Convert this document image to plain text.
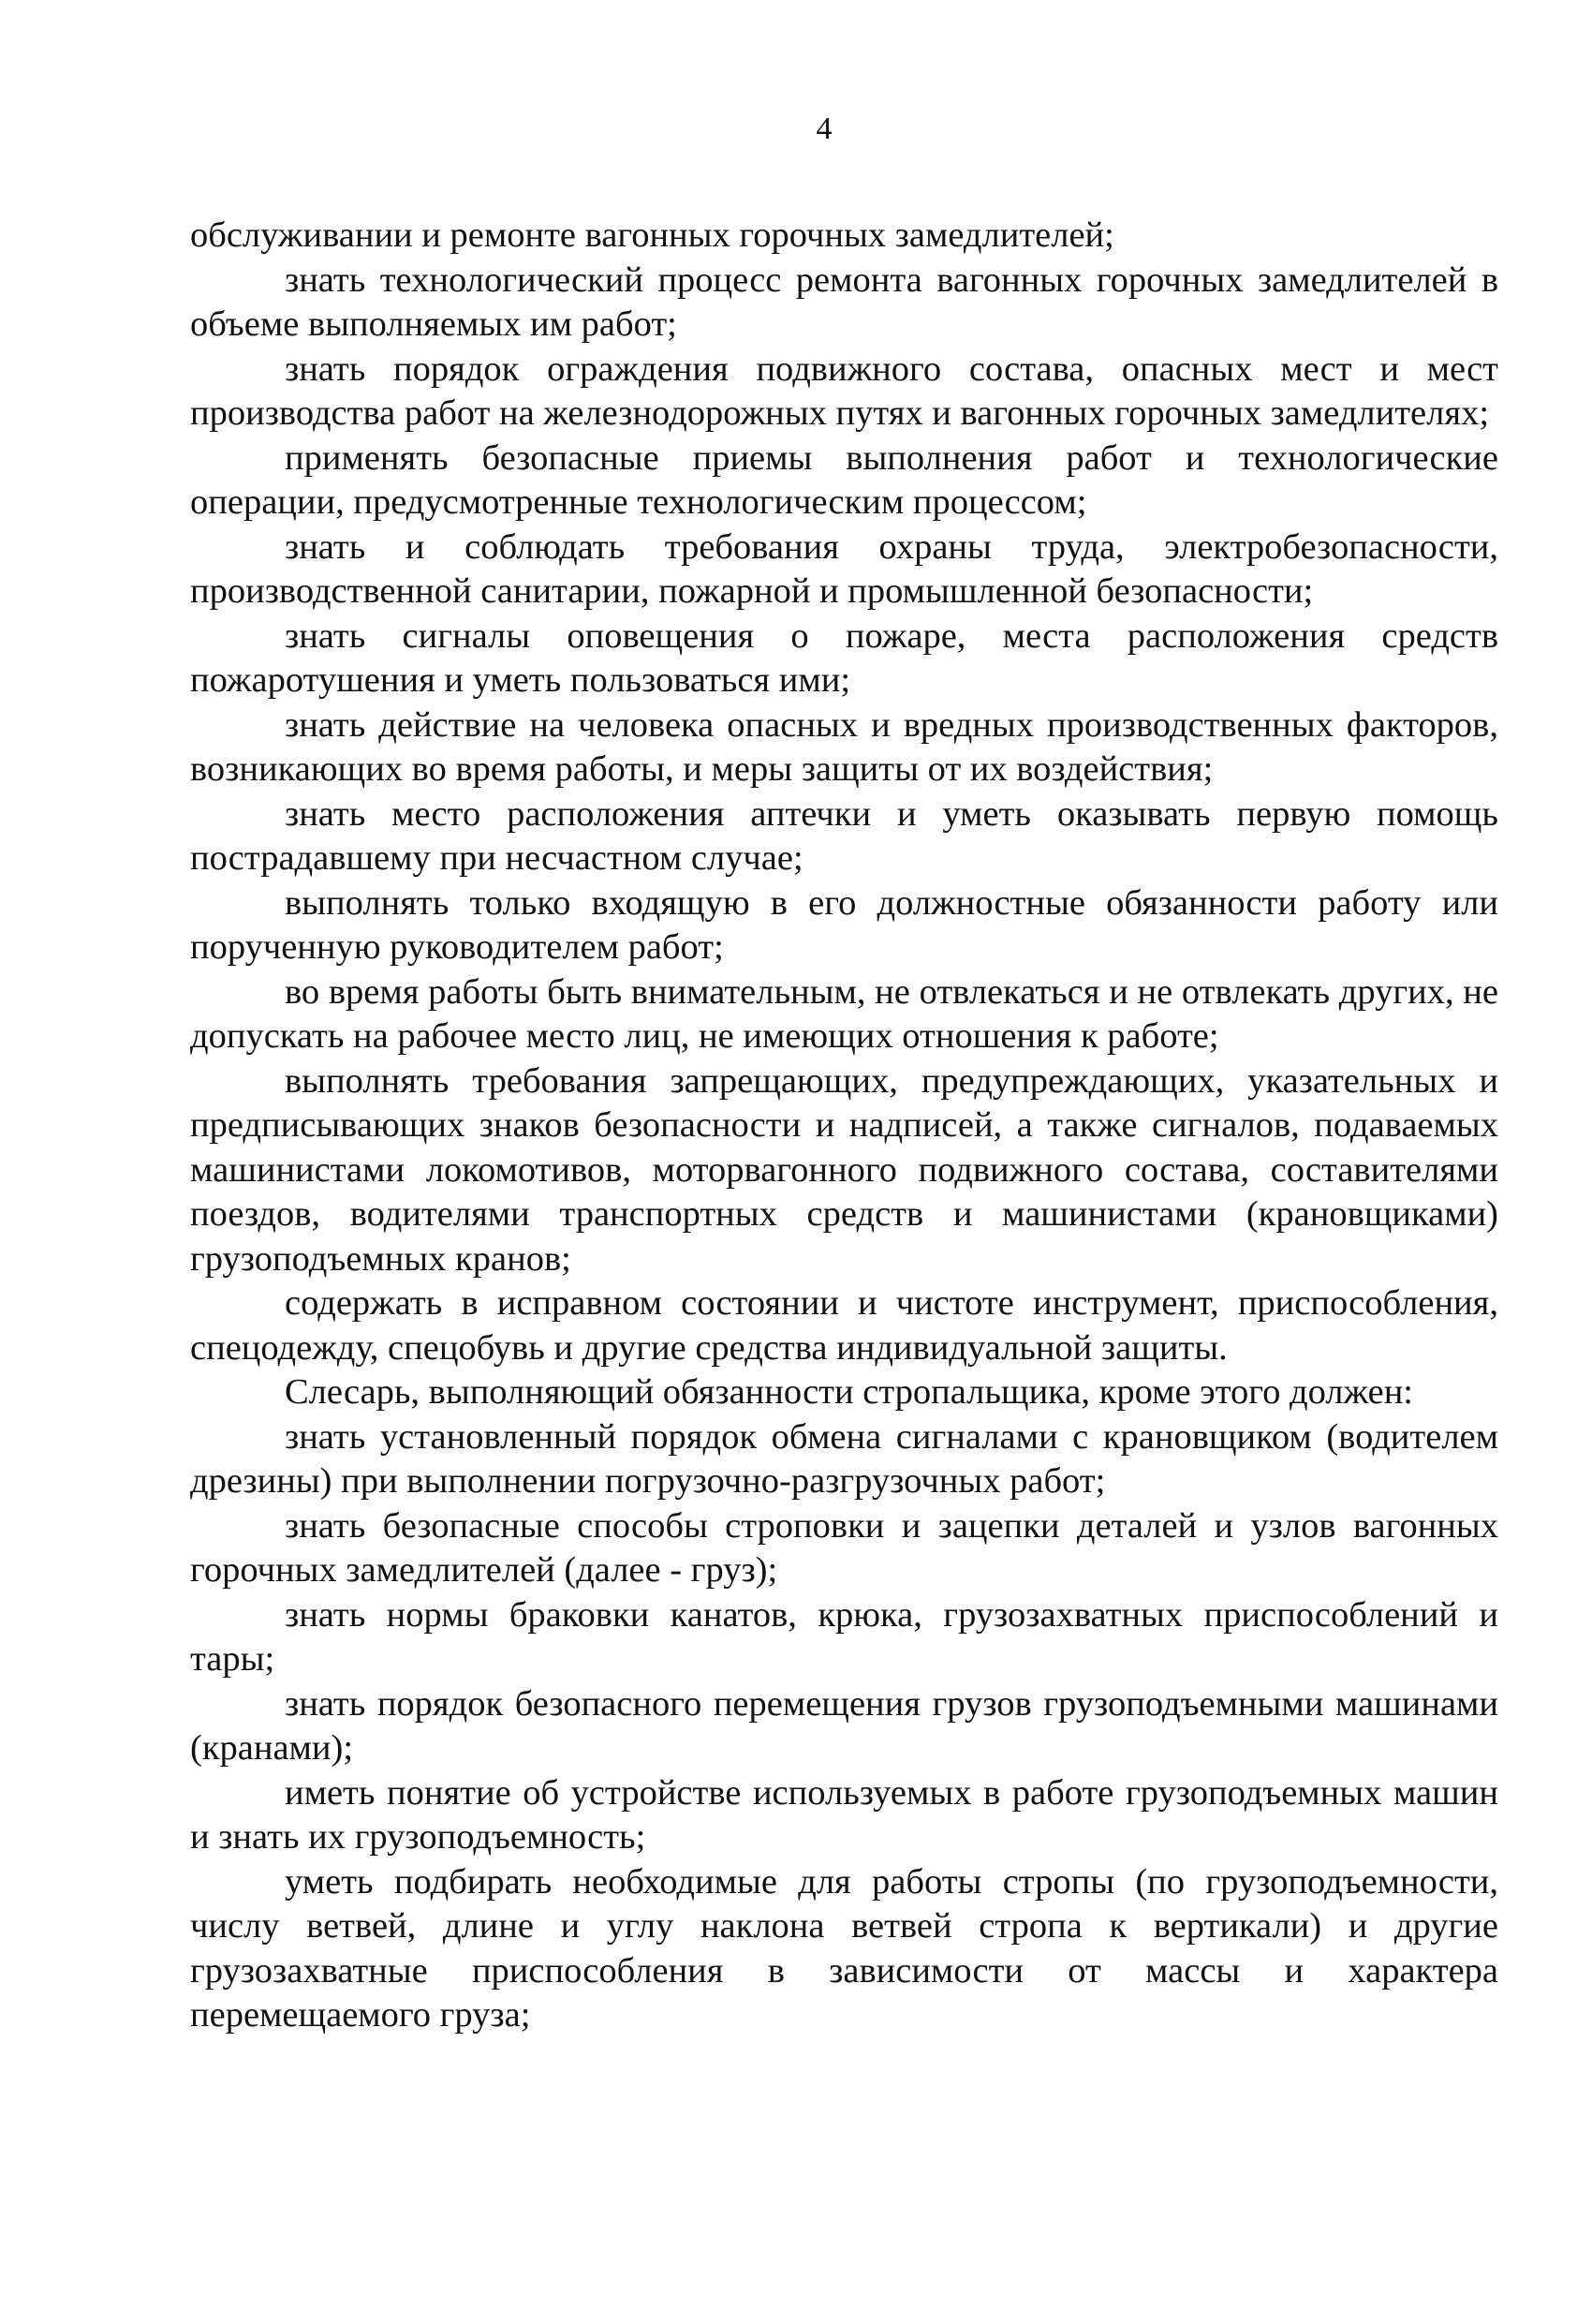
4

обслуживании и ремонте вагонных горочных замедлителей;

знать технологический процесс ремонта вагонных горочных замедлителей в объеме выполняемых им работ;

знать порядок ограждения подвижного состава, опасных мест и мест производства работ на железнодорожных путях и вагонных горочных замедлителях;

применять безопасные приемы выполнения работ и технологические операции, предусмотренные технологическим процессом;

знать и соблюдать требования охраны труда, электробезопасности, производственной санитарии, пожарной и промышленной безопасности;

знать сигналы оповещения о пожаре, места расположения средств пожаротушения и уметь пользоваться ими;

знать действие на человека опасных и вредных производственных факторов, возникающих во время работы, и меры защиты от их воздействия;

знать место расположения аптечки и уметь оказывать первую помощь пострадавшему при несчастном случае;

выполнять только входящую в его должностные обязанности работу или порученную руководителем работ;

во время работы быть внимательным, не отвлекаться и не отвлекать других, не допускать на рабочее место лиц, не имеющих отношения к работе;

выполнять требования запрещающих, предупреждающих, указательных и предписывающих знаков безопасности и надписей, а также сигналов, подаваемых машинистами локомотивов, моторвагонного подвижного состава, составителями поездов, водителями транспортных средств и машинистами (крановщиками) грузоподъемных кранов;

содержать в исправном состоянии и чистоте инструмент, приспособления, спецодежду, спецобувь и другие средства индивидуальной защиты.

Слесарь, выполняющий обязанности стропальщика, кроме этого должен:

знать установленный порядок обмена сигналами с крановщиком (водителем дрезины) при выполнении погрузочно-разгрузочных работ;

знать безопасные способы строповки и зацепки деталей и узлов вагонных горочных замедлителей (далее - груз);

знать нормы браковки канатов, крюка, грузозахватных приспособлений и тары;

знать порядок безопасного перемещения грузов грузоподъемными машинами (кранами);

иметь понятие об устройстве используемых в работе грузоподъемных машин и знать их грузоподъемность;

уметь подбирать необходимые для работы стропы (по грузоподъемности, числу ветвей, длине и углу наклона ветвей стропа к вертикали) и другие грузозахватные приспособления в зависимости от массы и характера перемещаемого груза;
